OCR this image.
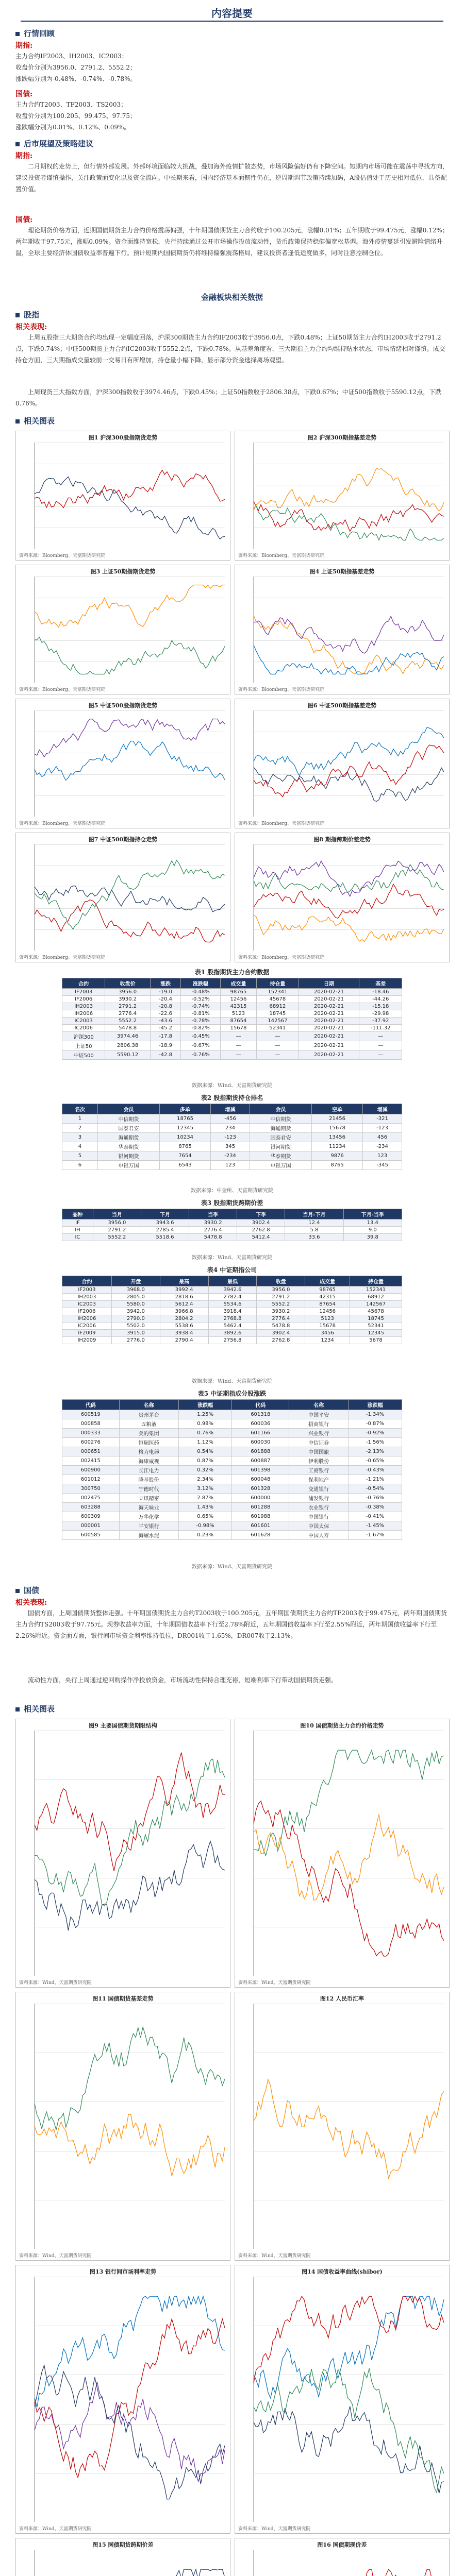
内容提要
行情回顾
期指:
主力合约IF2003、IH2003、IC2003；
收盘价分别为3956.0、2791.2、5552.2；
涨跌幅分别为-0.48%、-0.74%、-0.78%。
国债:
主力合约T2003、TF2003、TS2003；
收盘价分别为100.205、99.475、97.75；
涨跌幅分别为0.01%、0.12%、0.09%。
后市展望及策略建议
期指:
二月期权的走势上，但行情外部发展。外部环境面临较大挑战，叠加海外疫情扩散态势，市场风险偏好仍有下降空间。短期内市场可能在震荡中寻找方向，建议投资者谨慎操作，关注政策面变化以及资金流向。中长期来看，国内经济基本面韧性仍在，逆周期调节政策持续加码，A股估值处于历史相对低位，具备配置价值。
国债:
理论期货价格方面，近期国债期货主力合约价格震荡偏强，十年期国债期货主力合约收于100.205元，涨幅0.01%；五年期收于99.475元，涨幅0.12%；两年期收于97.75元，涨幅0.09%。资金面维持宽松，央行持续通过公开市场操作投放流动性，货币政策保持稳健偏宽松基调。海外疫情蔓延引发避险情绪升温，全球主要经济体国债收益率普遍下行。预计短期内国债期货仍将维持偏强震荡格局，建议投资者逢低适度做多，同时注意控制仓位。
金融板块相关数据
股指
相关表现:
上周五股指三大期货合约均出现一定幅度回落，沪深300期货主力合约IF2003收于3956.0点，下跌0.48%；上证50期货主力合约IH2003收于2791.2点，下跌0.74%；中证500期货主力合约IC2003收于5552.2点，下跌0.78%。从基差角度看，三大期指主力合约均维持贴水状态，市场情绪相对谨慎。成交持仓方面，三大期指成交量较前一交易日有所增加，持仓量小幅下降，显示部分资金选择离场观望。
上周现货三大指数方面，沪深300指数收于3974.46点，下跌0.45%；上证50指数收于2806.38点，下跌0.67%；中证500指数收于5590.12点，下跌0.76%。
相关图表
图1 沪深300股指期货走势
资料来源：Bloomberg、天富期货研究院
图2 沪深300期指基差走势
资料来源：Bloomberg、天富期货研究院
图3 上证50期指期货走势
资料来源：Bloomberg、天富期货研究院
图4 上证50期指基差走势
资料来源：Bloomberg、天富期货研究院
图5 中证500股指期货走势
资料来源：Bloomberg、天富期货研究院
图6 中证500期指基差走势
资料来源：Bloomberg、天富期货研究院
图7 中证500期指持仓走势
资料来源：Bloomberg、天富期货研究院
图8 期指跨期价差走势
资料来源：Bloomberg、天富期货研究院
表1 股指期货主力合约数据
合约	收盘价	涨跌	涨跌幅	成交量	持仓量	日期	基差
IF2003	3956.0	-19.0	-0.48%	98765	152341	2020-02-21	-18.46
IF2006	3930.2	-20.4	-0.52%	12456	45678	2020-02-21	-44.26
IH2003	2791.2	-20.8	-0.74%	42315	68912	2020-02-21	-15.18
IH2006	2776.4	-22.6	-0.81%	5123	18745	2020-02-21	-29.98
IC2003	5552.2	-43.6	-0.78%	87654	142567	2020-02-21	-37.92
IC2006	5478.8	-45.2	-0.82%	15678	52341	2020-02-21	-111.32
沪深300	3974.46	-17.8	-0.45%	—	—	2020-02-21	—
上证50	2806.38	-18.9	-0.67%	—	—	2020-02-21	—
中证500	5590.12	-42.8	-0.76%	—	—	2020-02-21	—
数据来源：Wind、天富期货研究院
表2 股指期货持仓排名
名次	会员	多单	增减	会员	空单	增减
1	中信期货	18765	-456	中信期货	21456	-321
2	国泰君安	12345	234	海通期货	15678	-123
3	海通期货	10234	-123	国泰君安	13456	456
4	华泰期货	8765	345	银河期货	11234	-234
5	银河期货	7654	-234	华泰期货	9876	123
6	申银万国	6543	123	申银万国	8765	-345
数据来源：中金所、天富期货研究院
表3 股指期货跨期价差
品种	当月	下月	当季	下季	当月-下月	下月-当季
IF	3956.0	3943.6	3930.2	3902.4	12.4	13.4
IH	2791.2	2785.4	2776.4	2762.8	5.8	9.0
IC	5552.2	5518.6	5478.8	5412.4	33.6	39.8
数据来源：Wind、天富期货研究院
表4 中证期指公司
合约	开盘	最高	最低	收盘	成交量	持仓量
IF2003	3968.0	3992.4	3942.6	3956.0	98765	152341
IH2003	2805.0	2818.6	2782.4	2791.2	42315	68912
IC2003	5580.0	5612.4	5534.6	5552.2	87654	142567
IF2006	3942.0	3966.8	3918.4	3930.2	12456	45678
IH2006	2790.0	2804.2	2768.8	2776.4	5123	18745
IC2006	5502.0	5538.6	5462.4	5478.8	15678	52341
IF2009	3915.0	3938.4	3892.6	3902.4	3456	12345
IH2009	2776.0	2790.4	2756.8	2762.8	1234	5678
数据来源：Wind、天富期货研究院
表5 中证期指成分股涨跌
代码	名称	涨跌幅	代码	名称	涨跌幅
600519	贵州茅台	1.25%	601318	中国平安	-1.34%
000858	五粮液	0.98%	600036	招商银行	-0.87%
000333	美的集团	0.76%	601166	兴业银行	-0.92%
600276	恒瑞医药	1.12%	600030	中信证券	-1.56%
000651	格力电器	0.54%	601888	中国国旅	-2.13%
002415	海康威视	0.87%	600887	伊利股份	-0.65%
600900	长江电力	0.32%	601398	工商银行	-0.43%
601012	隆基股份	2.34%	600048	保利地产	-1.21%
300750	宁德时代	3.12%	601328	交通银行	-0.54%
002475	立讯精密	2.87%	600000	浦发银行	-0.76%
603288	海天味业	1.43%	601288	农业银行	-0.38%
600309	万华化学	0.65%	601988	中国银行	-0.41%
000001	平安银行	-0.98%	601601	中国太保	-1.45%
600585	海螺水泥	0.23%	601628	中国人寿	-1.67%
数据来源：Wind、天富期货研究院
国债
相关表现:
国债方面，上周国债期货整体走强。十年期国债期货主力合约T2003收于100.205元，五年期国债期货主力合约TF2003收于99.475元，两年期国债期货主力合约TS2003收于97.75元。现券收益率方面，十年期国债收益率下行至2.78%附近，五年期国债收益率下行至2.55%附近，两年期国债收益率下行至2.26%附近。资金面方面，银行间市场资金利率维持低位，DR001收于1.65%，DR007收于2.13%。
流动性方面，央行上周通过逆回购操作净投放资金，市场流动性保持合理充裕，短端利率下行带动国债期货走强。
相关图表
图9 主要国债期货期限结构
资料来源：Wind、天富期货研究院
图10 国债期货主力合约价格走势
资料来源：Wind、天富期货研究院
图11 国债期货基差走势
资料来源：Wind、天富期货研究院
图12 人民币汇率
资料来源：Wind、天富期货研究院
图13 银行间市场利率走势
资料来源：Wind、天富期货研究院
图14 国债收益率曲线(shibor)
资料来源：Wind、天富期货研究院
图15 国债期货跨期价差	图16 国债期现价差
